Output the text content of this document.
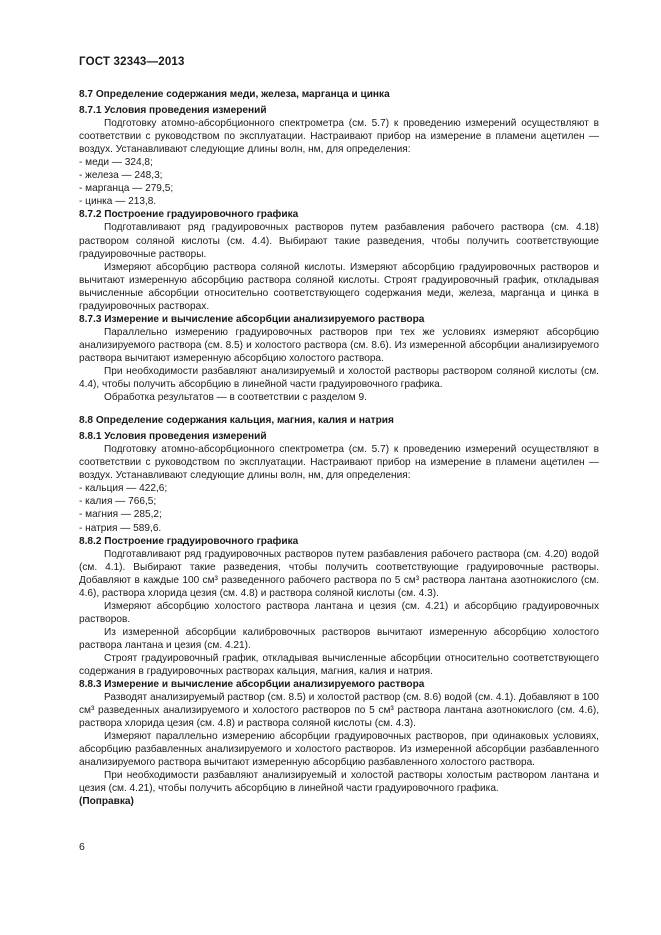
ГОСТ 32343—2013

8.7 Определение содержания меди, железа, марганца и цинка

8.7.1 Условия проведения измерений

Подготовку атомно-абсорбционного спектрометра (см. 5.7) к проведению измерений осуществляют в соответствии с руководством по эксплуатации. Настраивают прибор на измерение в пламени ацетилен — воздух. Устанавливают следующие длины волн, нм, для определения:

- меди — 324,8;

- железа — 248,3;

- марганца — 279,5;

- цинка — 213,8.

8.7.2 Построение градуировочного графика

Подготавливают ряд градуировочных растворов путем разбавления рабочего раствора (см. 4.18) раствором соляной кислоты (см. 4.4). Выбирают такие разведения, чтобы получить соответствующие градуировочные растворы.

Измеряют абсорбцию раствора соляной кислоты. Измеряют абсорбцию градуировочных растворов и вычитают измеренную абсорбцию раствора соляной кислоты. Строят градуировочный график, откладывая вычисленные абсорбции относительно соответствующего содержания меди, железа, марганца и цинка в градуировочных растворах.

8.7.3 Измерение и вычисление абсорбции анализируемого раствора

Параллельно измерению градуировочных растворов при тех же условиях измеряют абсорбцию анализируемого раствора (см. 8.5) и холостого раствора (см. 8.6). Из измеренной абсорбции анализируемого раствора вычитают измеренную абсорбцию холостого раствора.

При необходимости разбавляют анализируемый и холостой растворы раствором соляной кислоты (см. 4.4), чтобы получить абсорбцию в линейной части градуировочного графика.

Обработка результатов — в соответствии с разделом 9.

8.8 Определение содержания кальция, магния, калия и натрия

8.8.1 Условия проведения измерений

Подготовку атомно-абсорбционного спектрометра (см. 5.7) к проведению измерений осуществляют в соответствии с руководством по эксплуатации. Настраивают прибор на измерение в пламени ацетилен — воздух. Устанавливают следующие длины волн, нм, для определения:

- кальция — 422,6;

- калия — 766,5;

- магния — 285,2;

- натрия — 589,6.

8.8.2 Построение градуировочного графика

Подготавливают ряд градуировочных растворов путем разбавления рабочего раствора (см. 4.20) водой (см. 4.1). Выбирают такие разведения, чтобы получить соответствующие градуировочные растворы. Добавляют в каждые 100 см³ разведенного рабочего раствора по 5 см³ раствора лантана азотнокислого (см. 4.6), раствора хлорида цезия (см. 4.8) и раствора соляной кислоты (см. 4.3).

Измеряют абсорбцию холостого раствора лантана и цезия (см. 4.21) и абсорбцию градуировочных растворов.

Из измеренной абсорбции калибровочных растворов вычитают измеренную абсорбцию холостого раствора лантана и цезия (см. 4.21).

Строят градуировочный график, откладывая вычисленные абсорбции относительно соответствующего содержания в градуировочных растворах кальция, магния, калия и натрия.

8.8.3 Измерение и вычисление абсорбции анализируемого раствора

Разводят анализируемый раствор (см. 8.5) и холостой раствор (см. 8.6) водой (см. 4.1). Добавляют в 100 см³ разведенных анализируемого и холостого растворов по 5 см³ раствора лантана азотнокислого (см. 4.6), раствора хлорида цезия (см. 4.8) и раствора соляной кислоты (см. 4.3).

Измеряют параллельно измерению абсорбции градуировочных растворов, при одинаковых условиях, абсорбцию разбавленных анализируемого и холостого растворов. Из измеренной абсорбции разбавленного анализируемого раствора вычитают измеренную абсорбцию разбавленного холостого раствора.

При необходимости разбавляют анализируемый и холостой растворы холостым раствором лантана и цезия (см. 4.21), чтобы получить абсорбцию в линейной части градуировочного графика.

(Поправка)

6
